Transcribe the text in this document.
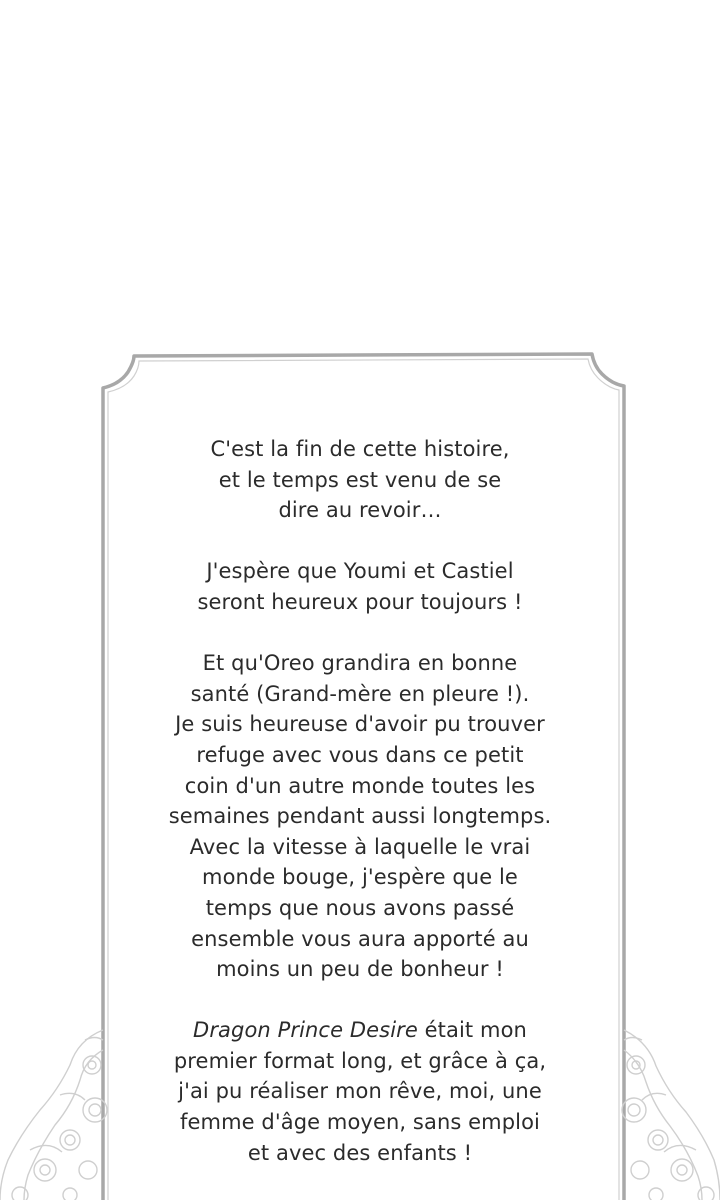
C'est la fin de cette histoire,
et le temps est venu de se
dire au revoir…
J'espère que Youmi et Castiel
seront heureux pour toujours !
Et qu'Oreo grandira en bonne
santé (Grand-mère en pleure !).
Je suis heureuse d'avoir pu trouver
refuge avec vous dans ce petit
coin d'un autre monde toutes les
semaines pendant aussi longtemps.
Avec la vitesse à laquelle le vrai
monde bouge, j'espère que le
temps que nous avons passé
ensemble vous aura apporté au
moins un peu de bonheur !
Dragon Prince Desire était mon
premier format long, et grâce à ça,
j'ai pu réaliser mon rêve, moi, une
femme d'âge moyen, sans emploi
et avec des enfants !
